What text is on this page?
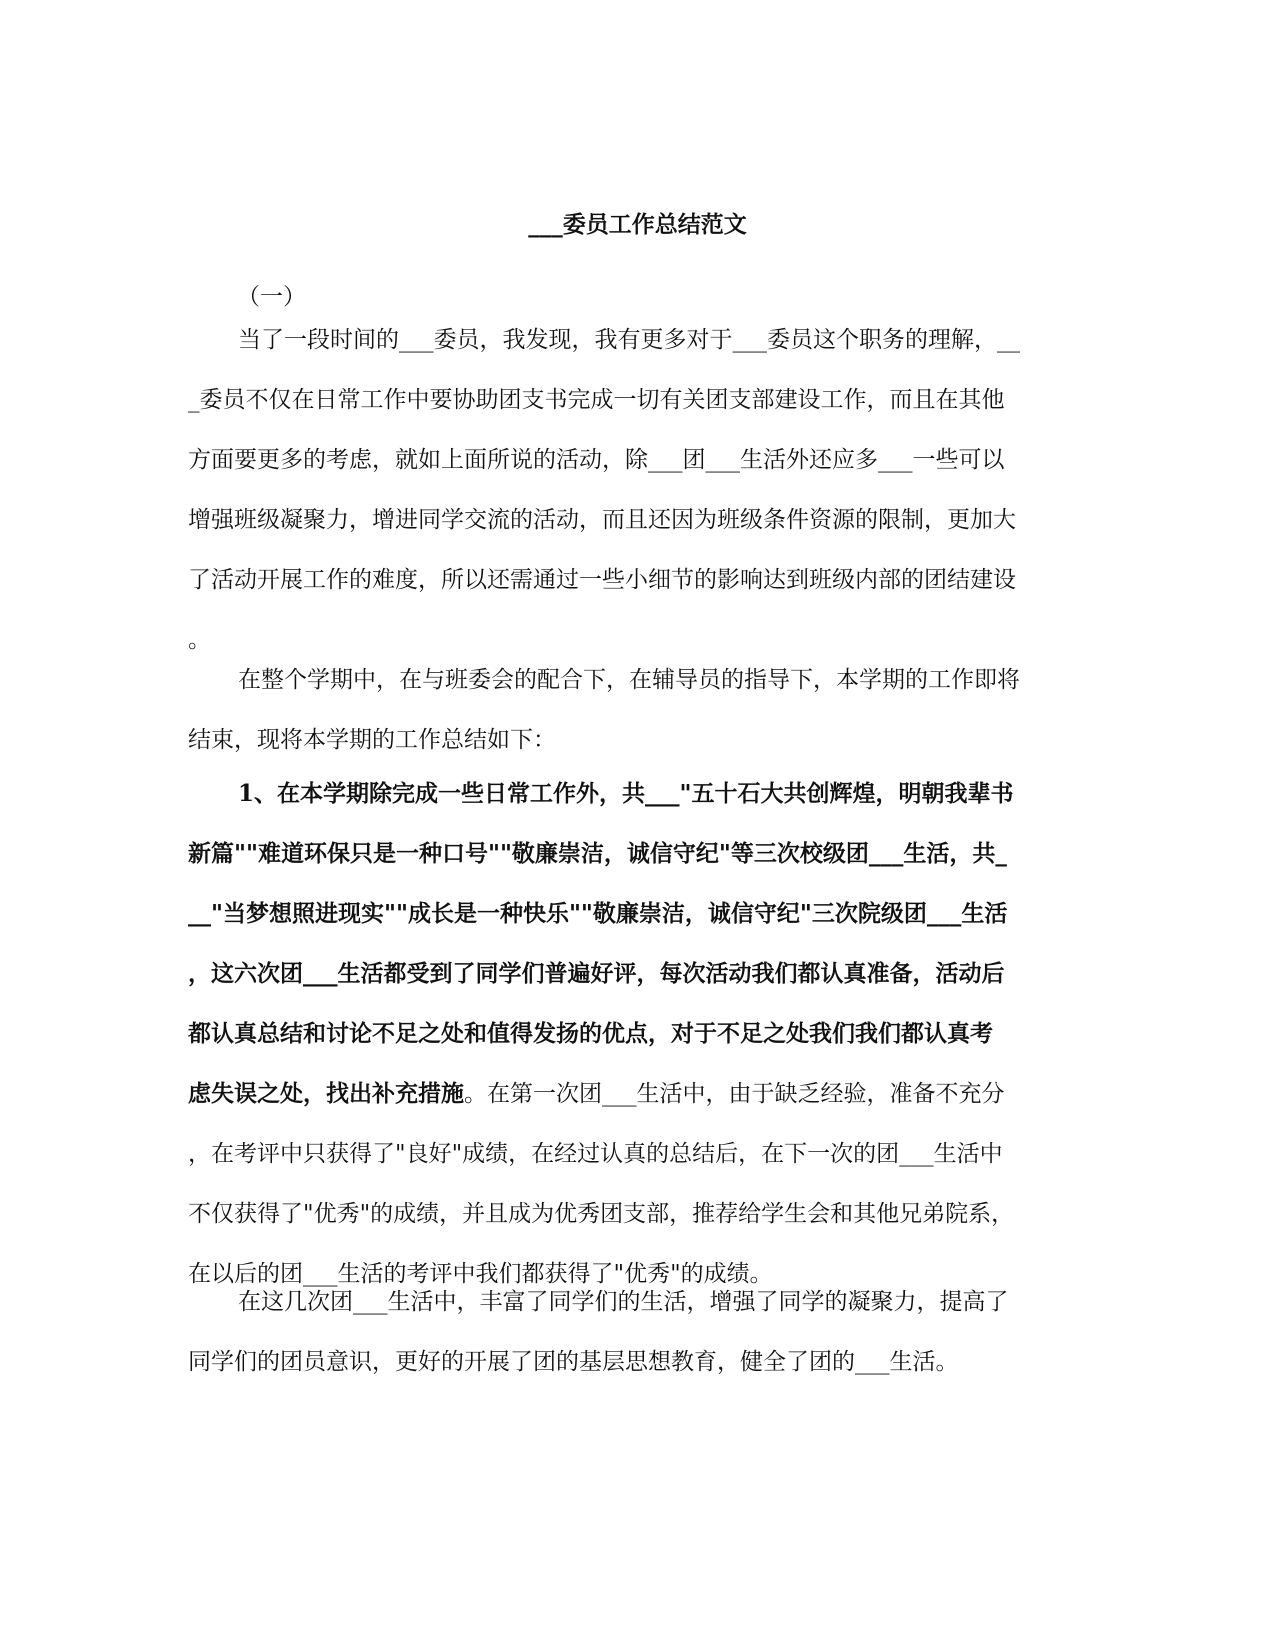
___委员工作总结范文
（一）
当了一段时间的___委员，我发现，我有更多对于___委员这个职务的理解，__
_委员不仅在日常工作中要协助团支书完成一切有关团支部建设工作，而且在其他
方面要更多的考虑，就如上面所说的活动，除___团___生活外还应多___一些可以
增强班级凝聚力，增进同学交流的活动，而且还因为班级条件资源的限制，更加大
了活动开展工作的难度，所以还需通过一些小细节的影响达到班级内部的团结建设
。
在整个学期中，在与班委会的配合下，在辅导员的指导下，本学期的工作即将
结束，现将本学期的工作总结如下：
1、在本学期除完成一些日常工作外，共___"五十石大共创辉煌，明朝我辈书
新篇""难道环保只是一种口号""敬廉崇洁，诚信守纪"等三次校级团___生活，共_
__"当梦想照进现实""成长是一种快乐""敬廉崇洁，诚信守纪"三次院级团___生活
，这六次团___生活都受到了同学们普遍好评，每次活动我们都认真准备，活动后
都认真总结和讨论不足之处和值得发扬的优点，对于不足之处我们我们都认真考
虑失误之处，找出补充措施。在第一次团___生活中，由于缺乏经验，准备不充分
，在考评中只获得了"良好"成绩，在经过认真的总结后，在下一次的团___生活中
不仅获得了"优秀"的成绩，并且成为优秀团支部，推荐给学生会和其他兄弟院系，
在以后的团___生活的考评中我们都获得了"优秀"的成绩。
在这几次团___生活中，丰富了同学们的生活，增强了同学的凝聚力，提高了
同学们的团员意识，更好的开展了团的基层思想教育，健全了团的___生活。
